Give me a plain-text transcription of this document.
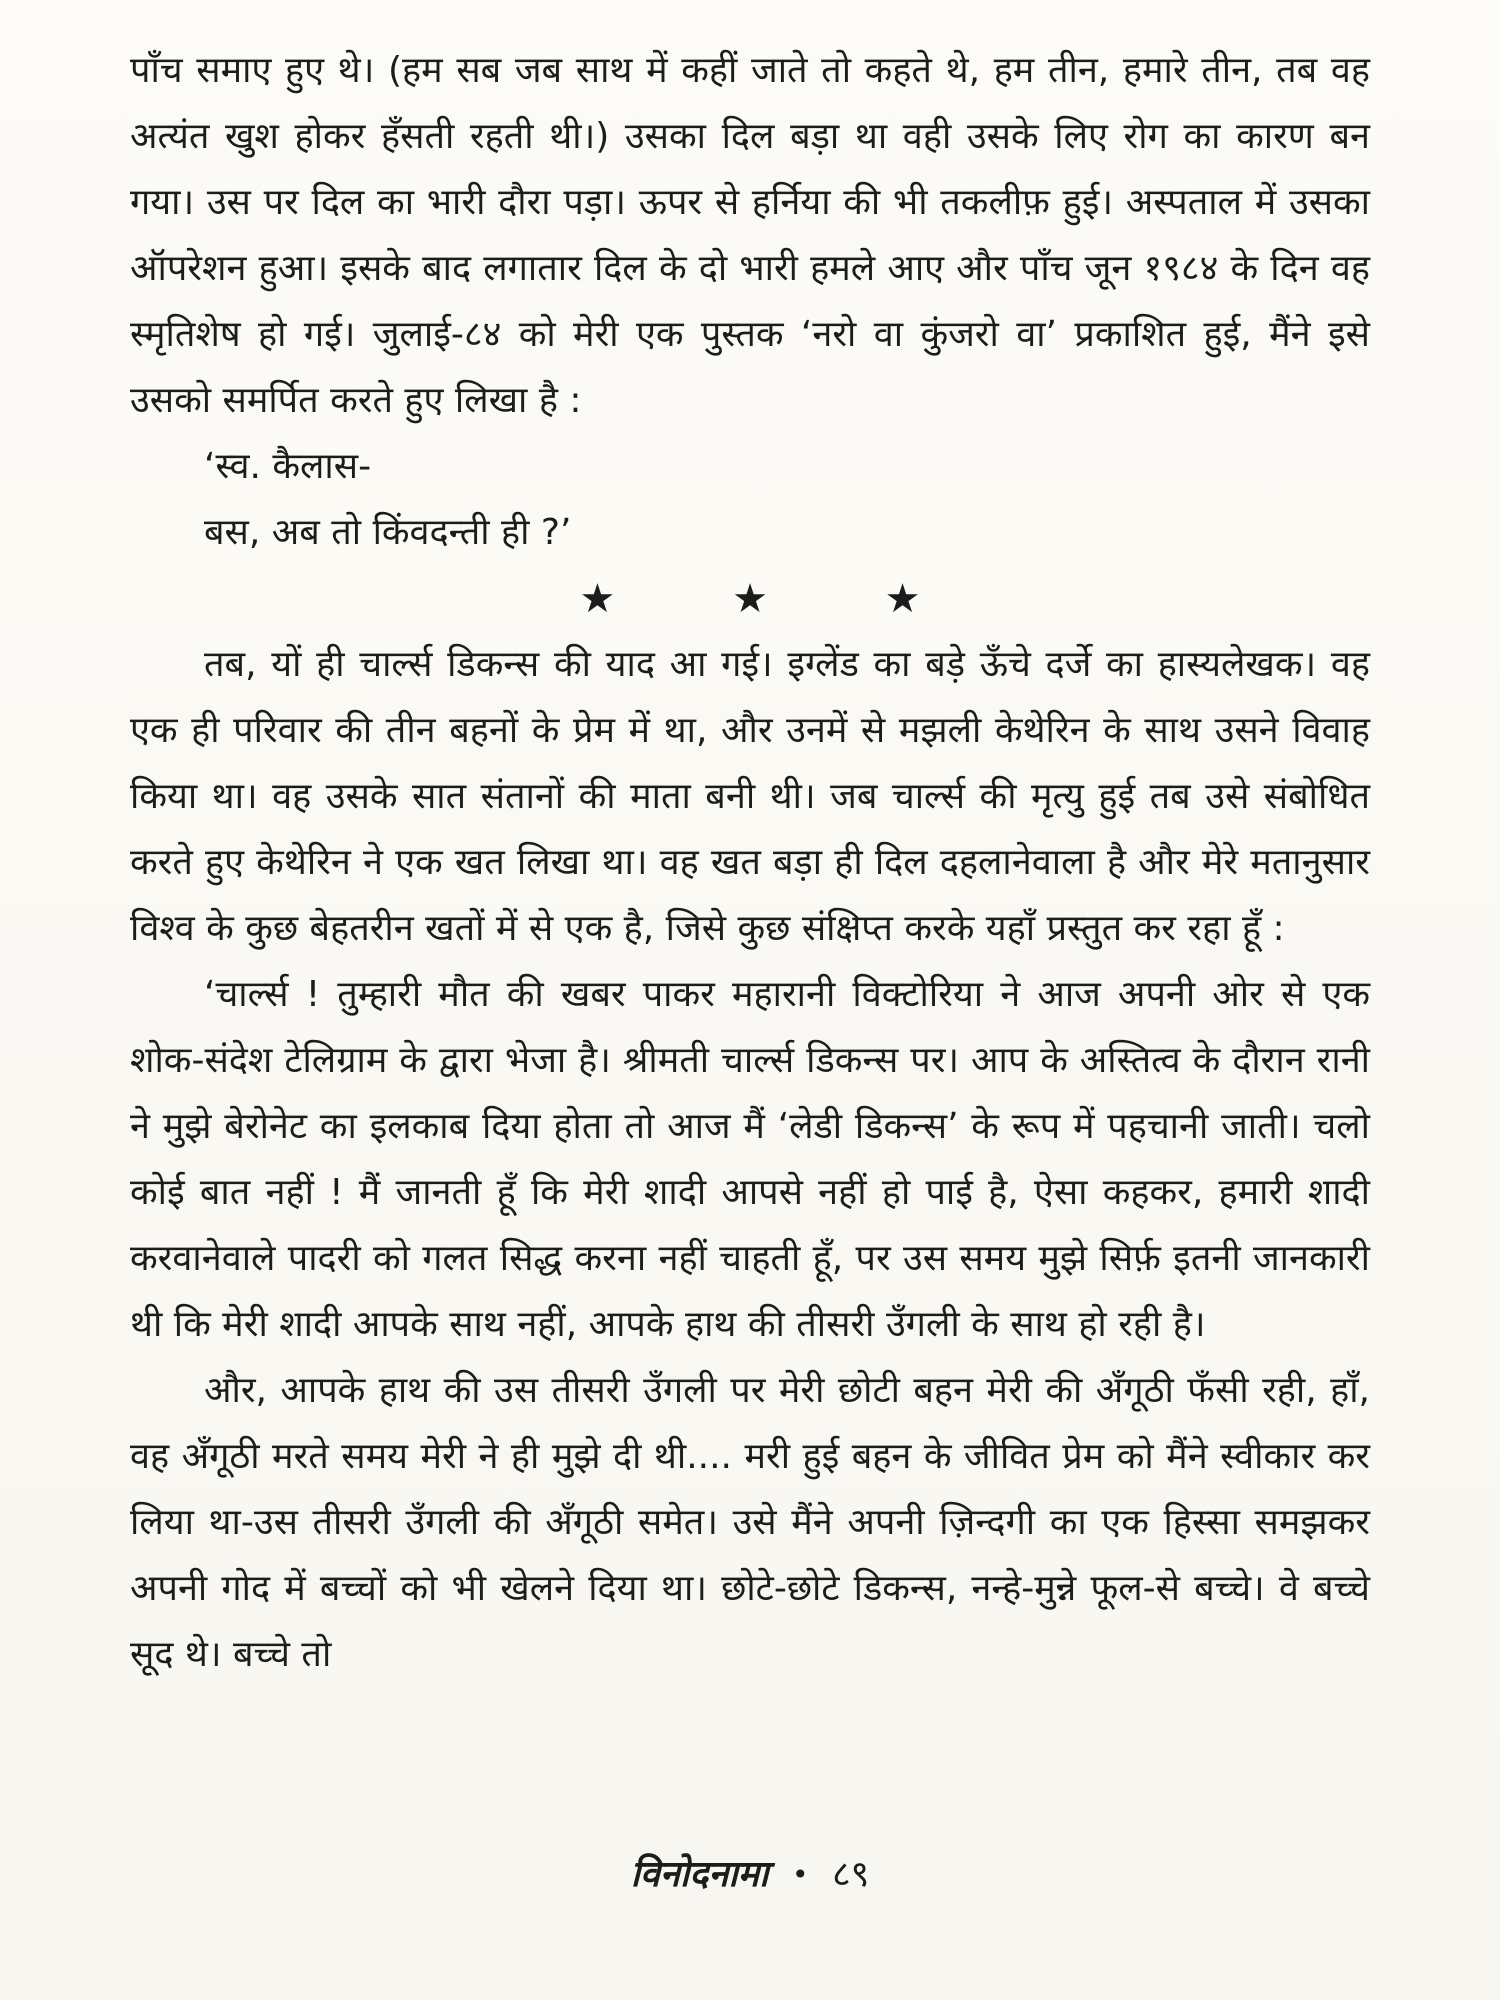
पाँच समाए हुए थे। (हम सब जब साथ में कहीं जाते तो कहते थे, हम तीन, हमारे तीन, तब वह अत्यंत खुश होकर हँसती रहती थी।) उसका दिल बड़ा था वही उसके लिए रोग का कारण बन गया। उस पर दिल का भारी दौरा पड़ा। ऊपर से हर्निया की भी तकलीफ़ हुई। अस्पताल में उसका ऑपरेशन हुआ। इसके बाद लगातार दिल के दो भारी हमले आए और पाँच जून १९८४ के दिन वह स्मृतिशेष हो गई। जुलाई-८४ को मेरी एक पुस्तक ‘नरो वा कुंजरो वा’ प्रकाशित हुई, मैंने इसे उसको समर्पित करते हुए लिखा है :

‘स्व. कैलास-

बस, अब तो किंवदन्ती ही ?’

★	★	★

तब, यों ही चार्ल्स डिकन्स की याद आ गई। इग्लेंड का बड़े ऊँचे दर्जे का हास्यलेखक। वह एक ही परिवार की तीन बहनों के प्रेम में था, और उनमें से मझली केथेरिन के साथ उसने विवाह किया था। वह उसके सात संतानों की माता बनी थी। जब चार्ल्स की मृत्यु हुई तब उसे संबोधित करते हुए केथेरिन ने एक खत लिखा था। वह खत बड़ा ही दिल दहलानेवाला है और मेरे मतानुसार विश्व के कुछ बेहतरीन खतों में से एक है, जिसे कुछ संक्षिप्त करके यहाँ प्रस्तुत कर रहा हूँ :

‘चार्ल्स ! तुम्हारी मौत की खबर पाकर महारानी विक्टोरिया ने आज अपनी ओर से एक शोक-संदेश टेलिग्राम के द्वारा भेजा है। श्रीमती चार्ल्स डिकन्स पर। आप के अस्तित्व के दौरान रानी ने मुझे बेरोनेट का इलकाब दिया होता तो आज मैं ‘लेडी डिकन्स’ के रूप में पहचानी जाती। चलो कोई बात नहीं ! मैं जानती हूँ कि मेरी शादी आपसे नहीं हो पाई है, ऐसा कहकर, हमारी शादी करवानेवाले पादरी को गलत सिद्ध करना नहीं चाहती हूँ, पर उस समय मुझे सिर्फ़ इतनी जानकारी थी कि मेरी शादी आपके साथ नहीं, आपके हाथ की तीसरी उँगली के साथ हो रही है।

और, आपके हाथ की उस तीसरी उँगली पर मेरी छोटी बहन मेरी की अँगूठी फँसी रही, हाँ, वह अँगूठी मरते समय मेरी ने ही मुझे दी थी.... मरी हुई बहन के जीवित प्रेम को मैंने स्वीकार कर लिया था-उस तीसरी उँगली की अँगूठी समेत। उसे मैंने अपनी ज़िन्दगी का एक हिस्सा समझकर अपनी गोद में बच्चों को भी खेलने दिया था। छोटे-छोटे डिकन्स, नन्हे-मुन्ने फूल-से बच्चे। वे बच्चे सूद थे। बच्चे तो

विनोदनामा • ८९
